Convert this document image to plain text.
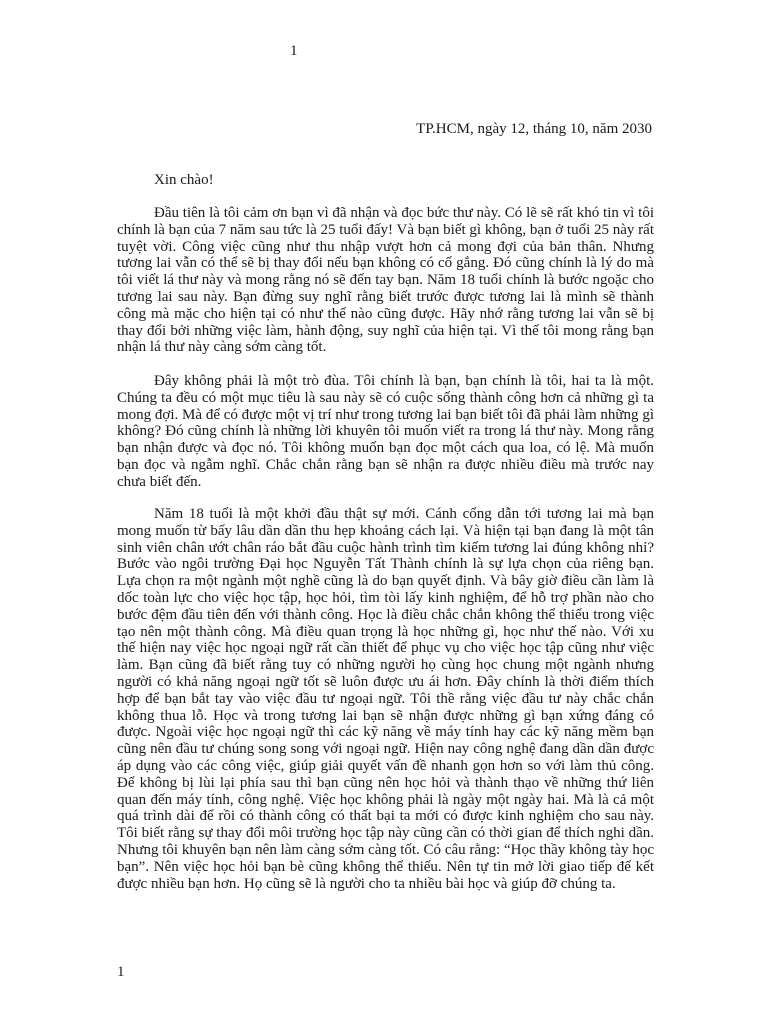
1
TP.HCM, ngày 12, tháng 10, năm 2030
Xin chào!

Đầu tiên là tôi cảm ơn bạn vì đã nhận và đọc bức thư này. Có lẽ sẽ rất khó tin vì tôi chính là bạn của 7 năm sau tức là 25 tuổi đấy! Và bạn biết gì không, bạn ở tuổi 25 này rất tuyệt vời. Công việc cũng như thu nhập vượt hơn cả mong đợi của bản thân. Nhưng tương lai vẫn có thể sẽ bị thay đổi nếu bạn không có cố gắng. Đó cũng chính là lý do mà tôi viết lá thư này và mong rằng nó sẽ đến tay bạn. Năm 18 tuổi chính là bước ngoặc cho tương lai sau này. Bạn đừng suy nghĩ rằng biết trước được tương lai là mình sẽ thành công mà mặc cho hiện tại có như thế nào cũng được. Hãy nhớ rằng tương lai vẫn sẽ bị thay đổi bởi những việc làm, hành động, suy nghĩ của hiện tại. Vì thế tôi mong rằng bạn nhận lá thư này càng sớm càng tốt.

Đây không phải là một trò đùa. Tôi chính là bạn, bạn chính là tôi, hai ta là một. Chúng ta đều có một mục tiêu là sau này sẽ có cuộc sống thành công hơn cả những gì ta mong đợi. Mà để có được một vị trí như trong tương lai bạn biết tôi đã phải làm những gì không? Đó cũng chính là những lời khuyên tôi muốn viết ra trong lá thư này. Mong rằng bạn nhận được và đọc nó. Tôi không muốn bạn đọc một cách qua loa, có lệ. Mà muốn bạn đọc và ngẫm nghĩ. Chắc chắn rằng bạn sẽ nhận ra được nhiều điều mà trước nay chưa biết đến.

Năm 18 tuổi là một khởi đầu thật sự mới. Cánh cổng dẫn tới tương lai mà bạn mong muốn từ bấy lâu dần dần thu hẹp khoảng cách lại. Và hiện tại bạn đang là một tân sinh viên chân ướt chân ráo bắt đầu cuộc hành trình tìm kiếm tương lai đúng không nhỉ? Bước vào ngôi trường Đại học Nguyễn Tất Thành chính là sự lựa chọn của riêng bạn. Lựa chọn ra một ngành một nghề cũng là do bạn quyết định. Và bây giờ điều cần làm là dốc toàn lực cho việc học tập, học hỏi, tìm tòi lấy kinh nghiệm, để hỗ trợ phần nào cho bước đệm đầu tiên đến với thành công. Học là điều chắc chắn không thể thiếu trong việc tạo nên một thành công. Mà điều quan trọng là học những gì, học như thế nào. Với xu thế hiện nay việc học ngoại ngữ rất cần thiết để phục vụ cho việc học tập cũng như việc làm. Bạn cũng đã biết rằng tuy có những người họ cùng học chung một ngành nhưng người có khả năng ngoại ngữ tốt sẽ luôn được ưu ái hơn. Đây chính là thời điểm thích hợp để bạn bắt tay vào việc đầu tư ngoại ngữ. Tôi thề rằng việc đầu tư này chắc chắn không thua lỗ. Học và trong tương lai bạn sẽ nhận được những gì bạn xứng đáng có được. Ngoài việc học ngoại ngữ thì các kỹ năng về máy tính hay các kỹ năng mềm bạn cũng nên đầu tư chúng song song với ngoại ngữ. Hiện nay công nghệ đang dần dần được áp dụng vào các công việc, giúp giải quyết vấn đề nhanh gọn hơn so với làm thủ công. Để không bị lùi lại phía sau thì bạn cũng nên học hỏi và thành thạo về những thứ liên quan đến máy tính, công nghệ. Việc học không phải là ngày một ngày hai. Mà là cả một quá trình dài để rồi có thành công có thất bại ta mới có được kinh nghiệm cho sau này. Tôi biết rằng sự thay đổi môi trường học tập này cũng cần có thời gian để thích nghi dần. Nhưng tôi khuyên bạn nên làm càng sớm càng tốt. Có câu rằng: “Học thầy không tày học bạn”. Nên việc học hỏi bạn bè cũng không thể thiếu. Nên tự tin mở lời giao tiếp để kết được nhiều bạn hơn. Họ cũng sẽ là người cho ta nhiều bài học và giúp đỡ chúng ta.

1
